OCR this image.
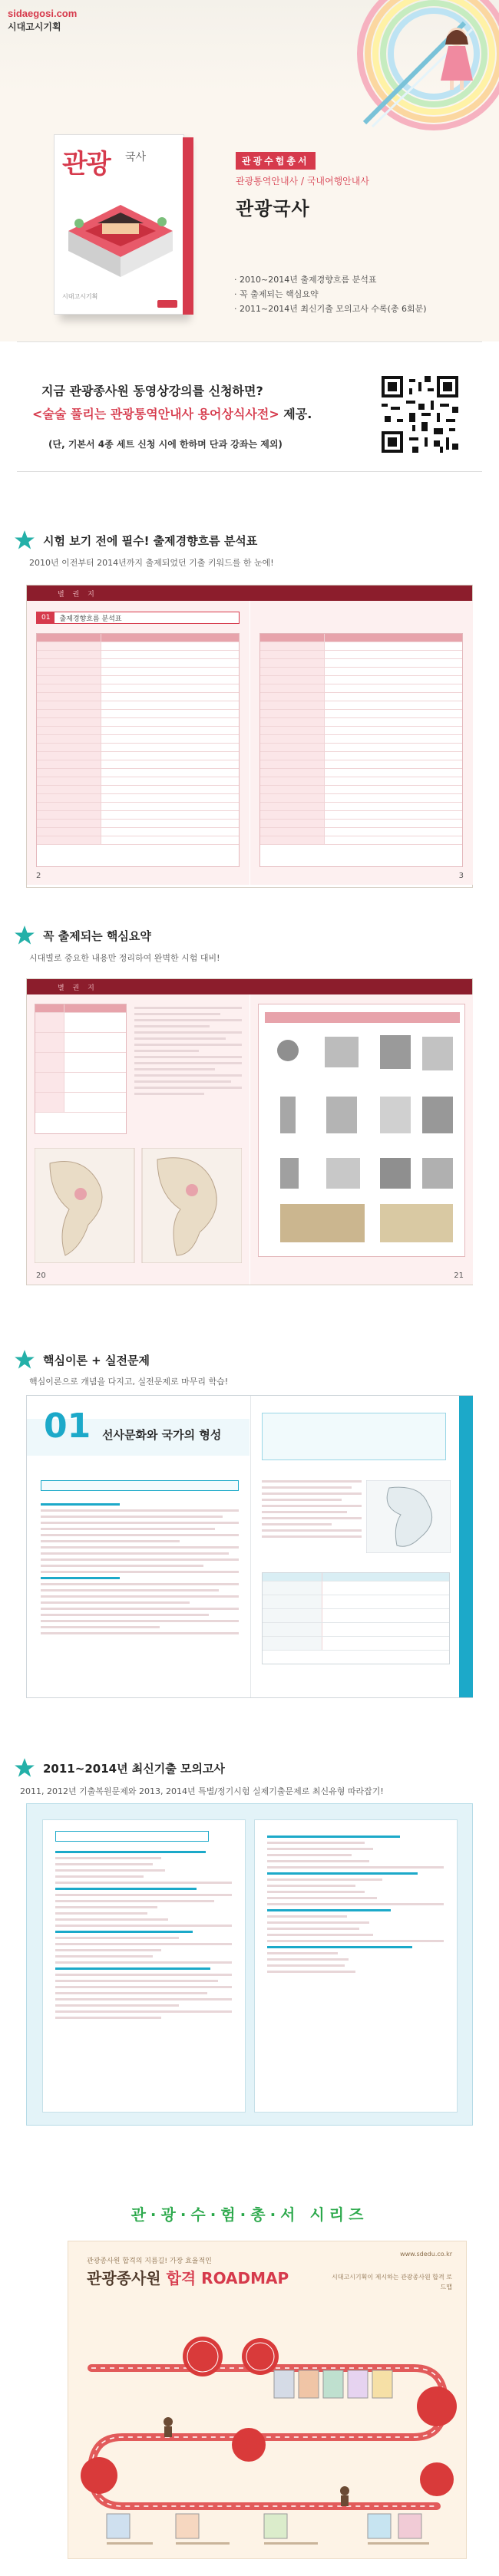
sidaegosi.com
시대고시기획
관광 국사
시대고시기획
관광수험총서
관광통역안내사 / 국내여행안내사
관광국사
· 2010~2014년 출제경향흐름 분석표
· 꼭 출제되는 핵심요약
· 2011~2014년 최신기출 모의고사 수록(총 6회분)
지금 관광종사원 동영상강의를 신청하면?
<술술 풀리는 관광통역안내사 용어상식사전> 제공.
(단, 기본서 4종 세트 신청 시에 한하며 단과 강좌는 제외)
시험 보기 전에 필수! 출제경향흐름 분석표
2010년 이전부터 2014년까지 출제되었던 기출 키워드를 한 눈에!
별 권 지
01	출제경향흐름 분석표
2	3
꼭 출제되는 핵심요약
시대별로 중요한 내용만 정리하여 완벽한 시험 대비!
별 권 지
20	21
핵심이론 + 실전문제
핵심이론으로 개념을 다지고, 실전문제로 마무리 학습!
01 선사문화와 국가의 형성
2011~2014년 최신기출 모의고사
2011, 2012년 기출복원문제와 2013, 2014년 특별/정기시험 실제기출문제로 최신유형 따라잡기!
관·광·수·험·총·서 시리즈
관광종사원 합격의 지름길! 가장 효율적인
관광종사원 합격 ROADMAP
www.sdedu.co.kr
시대고시기획이 제시하는 관광종사원 합격 로드맵
